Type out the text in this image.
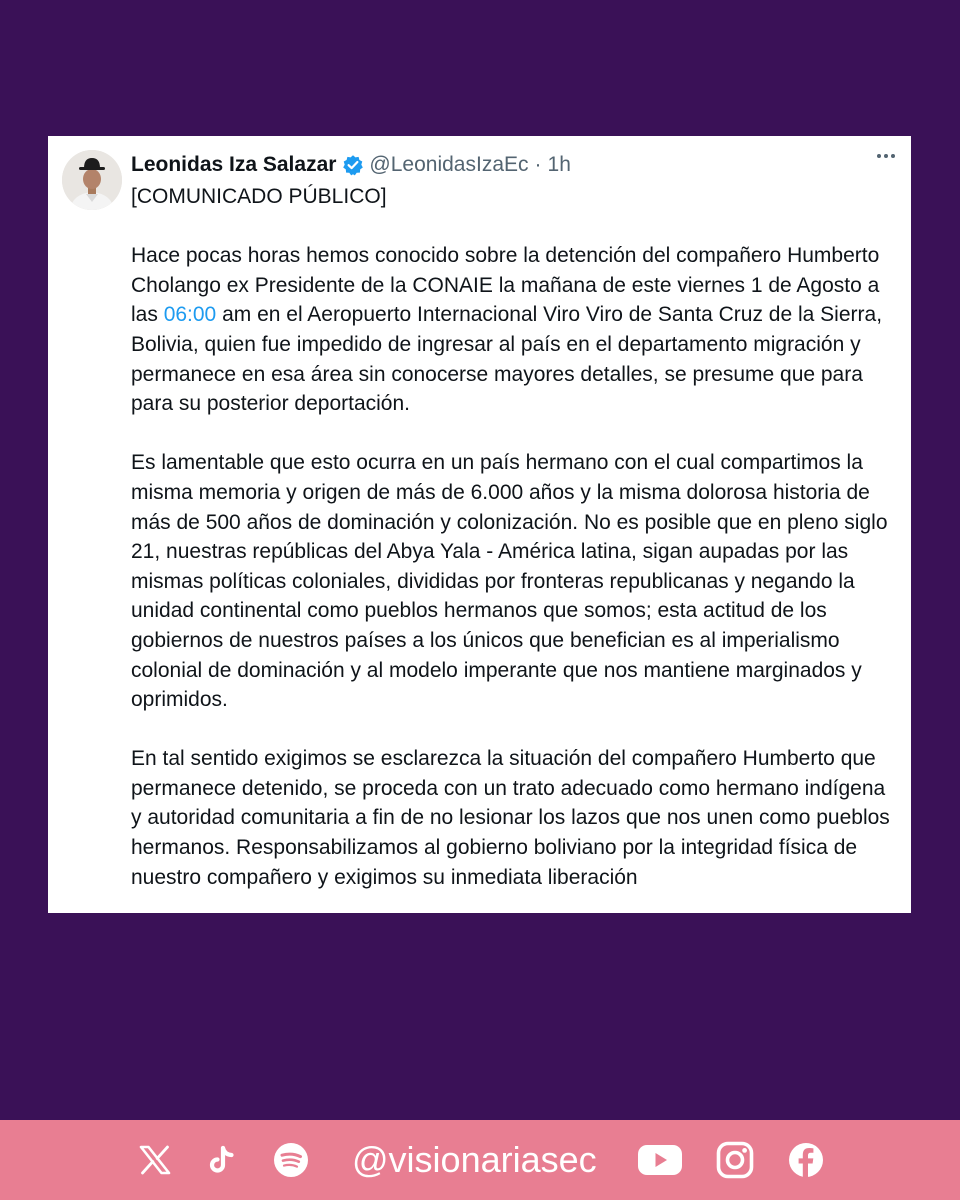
Leonidas Iza Salazar @LeonidasIzaEc · 1h

[COMUNICADO PÚBLICO]

Hace pocas horas hemos conocido sobre la detención del compañero Humberto Cholango ex Presidente de la CONAIE la mañana de este viernes 1 de Agosto a las 06:00 am en el Aeropuerto Internacional Viro Viro de Santa Cruz de la Sierra, Bolivia, quien fue impedido de ingresar al país en el departamento migración y permanece en esa área sin conocerse mayores detalles, se presume que para para su posterior deportación.

Es lamentable que esto ocurra en un país hermano con el cual compartimos la misma memoria y origen de más de 6.000 años y la misma dolorosa historia de más de 500 años de dominación y colonización. No es posible que en pleno siglo 21, nuestras repúblicas del Abya Yala - América latina, sigan aupadas por las mismas políticas coloniales, divididas por fronteras republicanas y negando la unidad continental como pueblos hermanos que somos; esta actitud de los gobiernos de nuestros países a los únicos que benefician es al imperialismo colonial de dominación y al modelo imperante que nos mantiene marginados y oprimidos.

En tal sentido exigimos se esclarezca la situación del compañero Humberto que permanece detenido, se proceda con un trato adecuado como hermano indígena y autoridad comunitaria a fin de no lesionar los lazos que nos unen como pueblos hermanos. Responsabilizamos al gobierno boliviano por la integridad física de nuestro compañero y exigimos su inmediata liberación

@visionariasec
